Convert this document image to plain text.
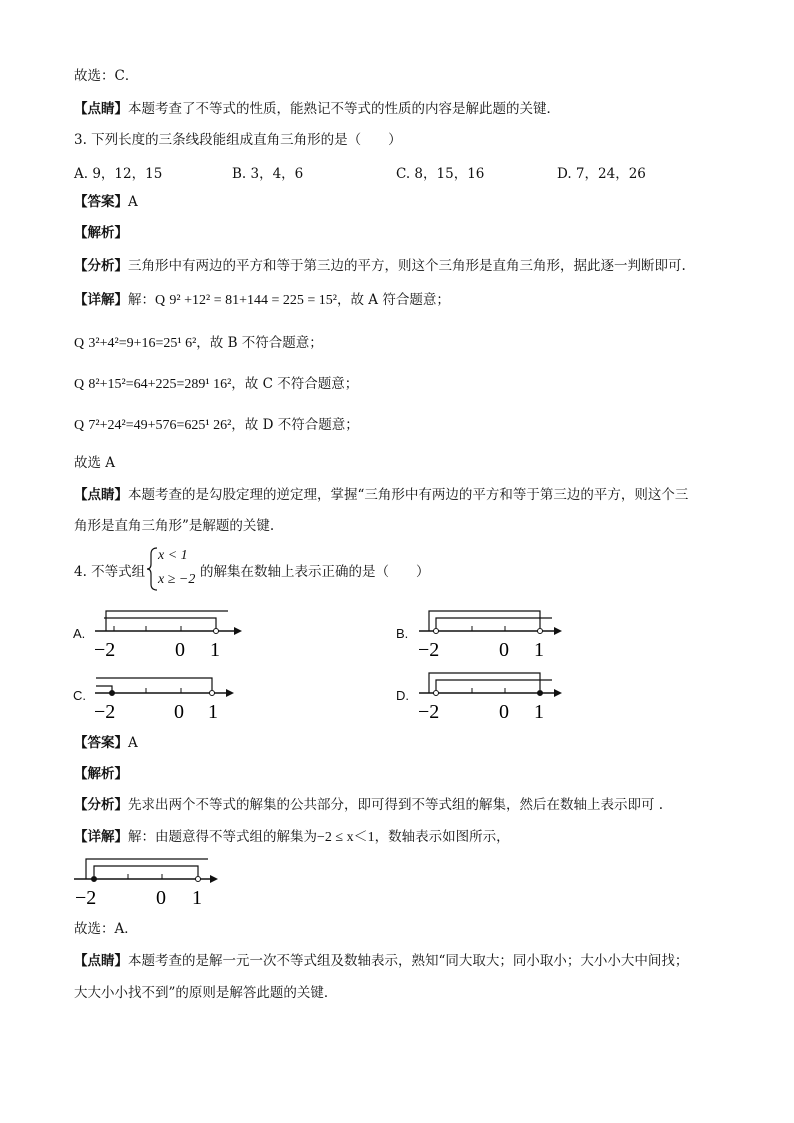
故选：C．
【点睛】本题考查了不等式的性质，能熟记不等式的性质的内容是解此题的关键．
3. 下列长度的三条线段能组成直角三角形的是（　　）
A. 9，12，15	B. 3，4，6	C. 8，15，16	D. 7，24，26
【答案】A
【解析】
【分析】三角形中有两边的平方和等于第三边的平方，则这个三角形是直角三角形，据此逐一判断即可.
【详解】解：Q 9² +12² = 81+144 = 225 = 15²，故 A 符合题意；
Q 3²+4²=9+16=25¹ 6²，故 B 不符合题意；
Q 8²+15²=64+225=289¹ 16²，故 C 不符合题意；
Q 7²+24²=49+576=625¹ 26²，故 D 不符合题意；
故选 A
【点睛】本题考查的是勾股定理的逆定理，掌握“三角形中有两边的平方和等于第三边的平方，则这个三
角形是直角三角形”是解题的关键.
4. 不等式组
x < 1
x ≥ −2 的解集在数轴上表示正确的是（　　）
A.	B.
C.	D.
−2	0 1	−2	0 1
−2	0 1	−2	0 1
【答案】A
【解析】
【分析】先求出两个不等式的解集的公共部分，即可得到不等式组的解集，然后在数轴上表示即可 .
【详解】解：由题意得不等式组的解集为−2 ≤ x＜1，数轴表示如图所示，
−2	0 1
故选：A．
【点睛】本题考查的是解一元一次不等式组及数轴表示，熟知“同大取大；同小取小；大小小大中间找；
大大小小找不到”的原则是解答此题的关键．
